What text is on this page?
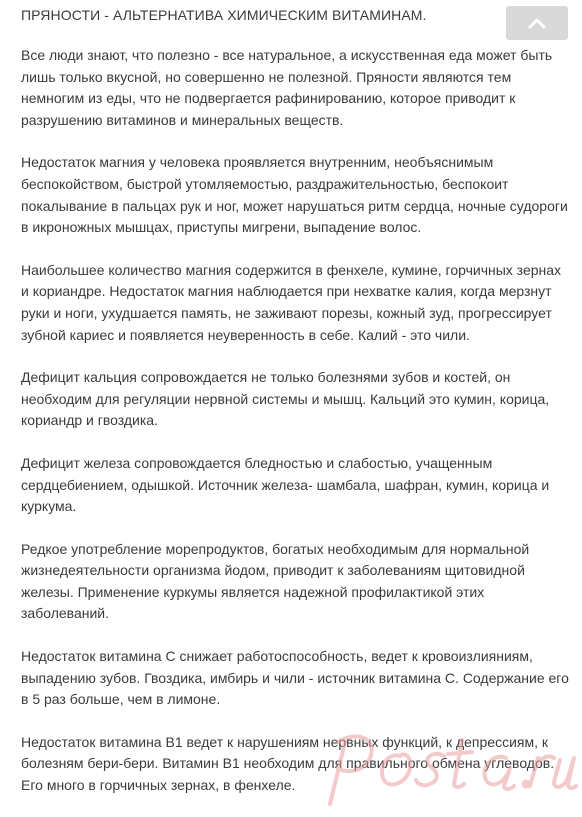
ПРЯНОСТИ - АЛЬТЕРНАТИВА ХИМИЧЕСКИМ ВИТАМИНАМ.

Все люди знают, что полезно - все натуральное, а искусственная еда может быть лишь только вкусной, но совершенно не полезной. Пряности являются тем немногим из еды, что не подвергается рафинированию, которое приводит к разрушению витаминов и минеральных веществ.

Недостаток магния у человека проявляется внутренним, необъяснимым беспокойством, быстрой утомляемостью, раздражительностью, беспокоит покалывание в пальцах рук и ног, может нарушаться ритм сердца, ночные судороги в икроножных мышцах, приступы мигрени, выпадение волос.

Наибольшее количество магния содержится в фенхеле, кумине, горчичных зернах и кориандре. Недостаток магния наблюдается при нехватке калия, когда мерзнут руки и ноги, ухудшается память, не заживают порезы, кожный зуд, прогрессирует зубной кариес и появляется неуверенность в себе. Калий - это чили.

Дефицит кальция сопровождается не только болезнями зубов и костей, он необходим для регуляции нервной системы и мышц. Кальций это кумин, корица, кориандр и гвоздика.

Дефицит железа сопровождается бледностью и слабостью, учащенным сердцебиением, одышкой. Источник железа- шамбала, шафран, кумин, корица и куркума.

Редкое употребление морепродуктов, богатых необходимым для нормальной жизнедеятельности организма йодом, приводит к заболеваниям щитовидной железы. Применение куркумы является надежной профилактикой этих заболеваний.

Недостаток витамина С снижает работоспособность, ведет к кровоизлияниям, выпадению зубов. Гвоздика, имбирь и чили - источник витамина С. Содержание его в 5 раз больше, чем в лимоне.

Недостаток витамина В1 ведет к нарушениям нервных функций, к депрессиям, к болезням бери-бери. Витамин В1 необходим для правильного обмена углеводов. Его много в горчичных зернах, в фенхеле.
